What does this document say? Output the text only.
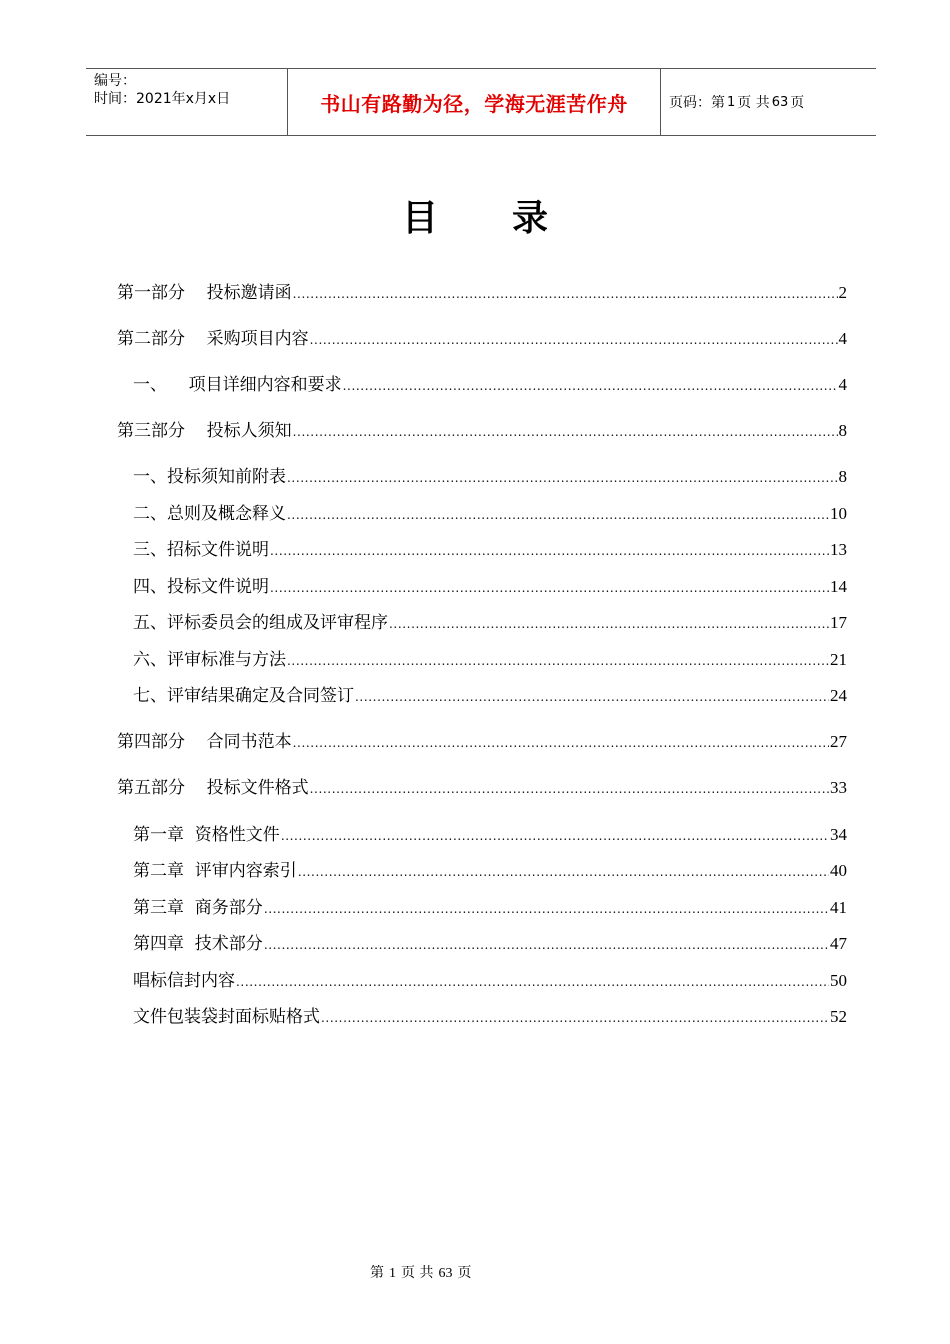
编号：
时间：2021年x月x日	书山有路勤为径，学海无涯苦作舟	页码：第 1 页 共 63 页
目 录
第一部分    投标邀请函 .....	2
第二部分    采购项目内容 .....	4
一、    项目详细内容和要求 .....	4
第三部分    投标人须知 .....	8
一、投标须知前附表 .....	8
二、总则及概念释义 .....	10
三、招标文件说明 .....	13
四、投标文件说明 .....	14
五、评标委员会的组成及评审程序 .....	17
六、评审标准与方法 .....	21
七、评审结果确定及合同签订 .....	24
第四部分    合同书范本 .....	27
第五部分    投标文件格式 .....	33
第一章  资格性文件 .....	34
第二章  评审内容索引 .....	40
第三章  商务部分 .....	41
第四章  技术部分 .....	47
唱标信封内容 .....	50
文件包装袋封面标贴格式 .....	52
第 1 页 共 63 页
